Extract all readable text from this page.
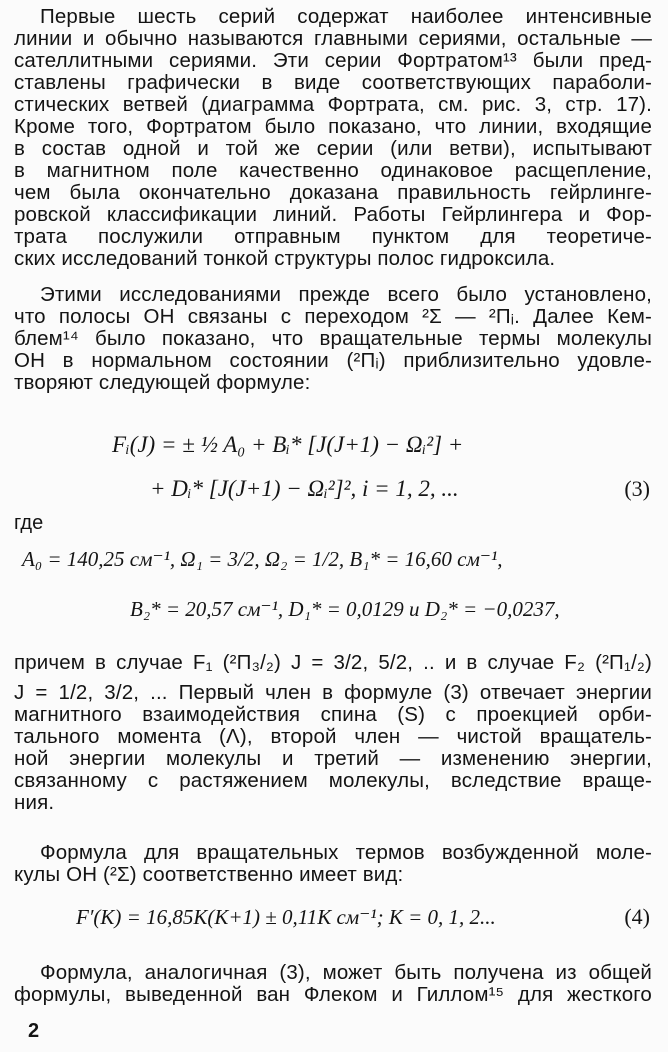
Первые шесть серий содержат наиболее интенсивные
линии и обычно называются главными сериями, остальные —
сателлитными сериями. Эти серии Фортратом¹³ были пред-
ставлены графически в виде соответствующих параболи-
стических ветвей (диаграмма Фортрата, см. рис. 3, стр. 17).
Кроме того, Фортратом было показано, что линии, входящие
в состав одной и той же серии (или ветви), испытывают
в магнитном поле качественно одинаковое расщепление,
чем была окончательно доказана правильность гейрлинге-
ровской классификации линий. Работы Гейрлингера и Фор-
трата послужили отправным пунктом для теоретиче-
ских исследований тонкой структуры полос гидроксила.
Этими исследованиями прежде всего было установлено,
что полосы ОН связаны с переходом ²Σ — ²Πᵢ. Далее Кем-
блем¹⁴ было показано, что вращательные термы молекулы
ОН в нормальном состоянии (²Πᵢ) приблизительно удовле-
творяют следующей формуле:
Fᵢ(J) = ± ½ A₀ + Bᵢ* [J(J+1) − Ωᵢ²] +
+ Dᵢ* [J(J+1) − Ωᵢ²]², i = 1, 2, ...	(3)
где
A₀ = 140,25 см⁻¹, Ω₁ = 3/2, Ω₂ = 1/2, B₁* = 16,60 см⁻¹,
B₂* = 20,57 см⁻¹, D₁* = 0,0129 и D₂* = −0,0237,
причем в случае F₁ (²Π₃/₂) J = 3/2, 5/2, .. и в случае F₂ (²Π₁/₂)
J = 1/2, 3/2, ... Первый член в формуле (3) отвечает энергии
магнитного взаимодействия спина (S) с проекцией орби-
тального момента (Λ), второй член — чистой вращатель-
ной энергии молекулы и третий — изменению энергии,
связанному с растяжением молекулы, вследствие враще-
ния.
Формула для вращательных термов возбужденной моле-
кулы ОН (²Σ) соответственно имеет вид:
F′(K) = 16,85K(K+1) ± 0,11K см⁻¹; K = 0, 1, 2...	(4)
Формула, аналогичная (3), может быть получена из общей
формулы, выведенной ван Флеком и Гиллом¹⁵ для жесткого
2
